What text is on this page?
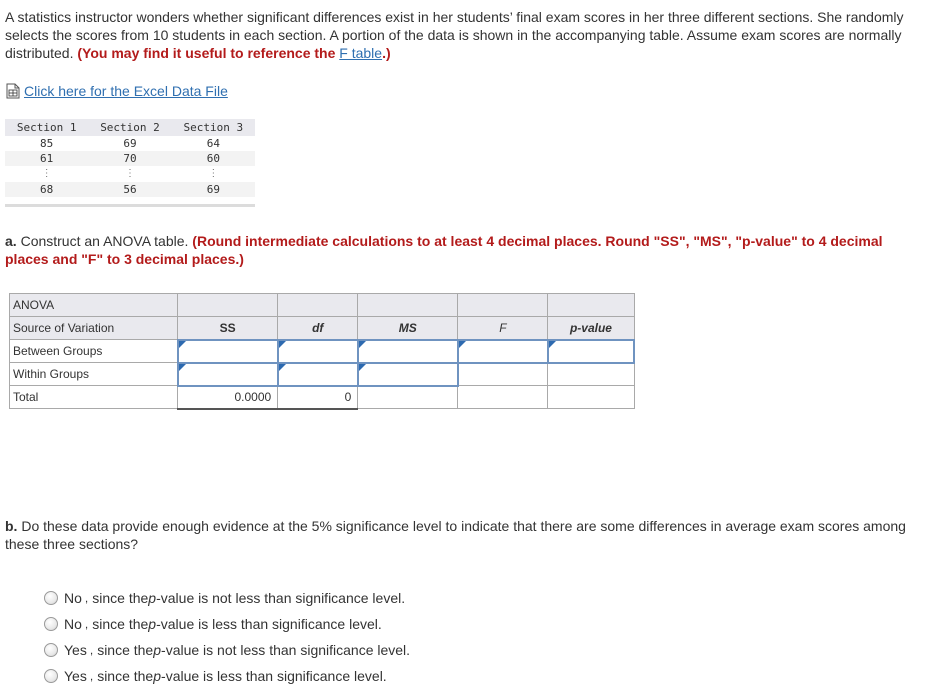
A statistics instructor wonders whether significant differences exist in her students’ final exam scores in her three different sections. She randomly selects the scores from 10 students in each section. A portion of the data is shown in the accompanying table. Assume exam scores are normally distributed. (You may find it useful to reference the F table.)
Click here for the Excel Data File
Section 1	Section 2	Section 3
85	69	64
61	70	60
⋮	⋮	⋮
68	56	69
a. Construct an ANOVA table. (Round intermediate calculations to at least 4 decimal places. Round "SS", "MS", "p-value" to 4 decimal places and "F" to 3 decimal places.)
ANOVA					
Source of Variation	SS	df	MS	F	p-value
Between Groups					
Within Groups					
Total	0.0000	0			
b. Do these data provide enough evidence at the 5% significance level to indicate that there are some differences in average exam scores among these three sections?
No , since the p -value is not less than significance level.
No , since the p -value is less than significance level.
Yes , since the p -value is not less than significance level.
Yes , since the p -value is less than significance level.
